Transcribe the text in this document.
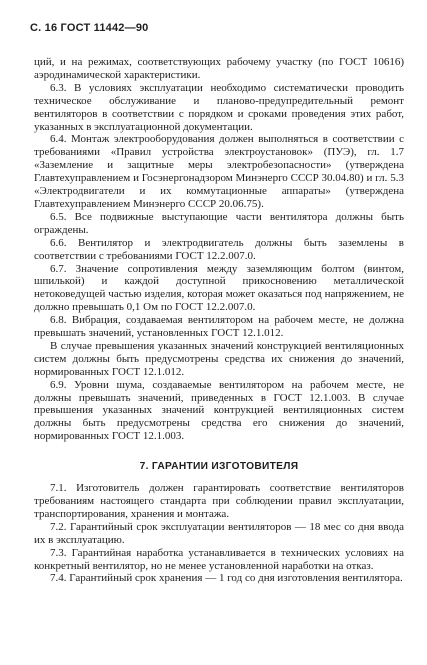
С. 16 ГОСТ 11442—90

ций, и на режимах, соответствующих рабочему участку (по ГОСТ 10616) аэродинамической характеристики.

6.3. В условиях эксплуатации необходимо систематически проводить техническое обслуживание и планово-предупредительный ремонт вентиляторов в соответствии с порядком и сроками проведения этих работ, указанных в эксплуатационной документации.

6.4. Монтаж электрооборудования должен выполняться в соответствии с требованиями «Правил устройства электроустановок» (ПУЭ), гл. 1.7 «Заземление и защитные меры электробезопасности» (утверждена Главтехуправлением и Госэнергонадзором Минэнерго СССР 30.04.80) и гл. 5.3 «Электродвигатели и их коммутационные аппараты» (утверждена Главтехуправлением Минэнерго СССР 20.06.75).

6.5. Все подвижные выступающие части вентилятора должны быть ограждены.

6.6. Вентилятор и электродвигатель должны быть заземлены в соответствии с требованиями ГОСТ 12.2.007.0.

6.7. Значение сопротивления между заземляющим болтом (винтом, шпилькой) и каждой доступной прикосновению металлической нетоковедущей частью изделия, которая может оказаться под напряжением, не должно превышать 0,1 Ом по ГОСТ 12.2.007.0.

6.8. Вибрация, создаваемая вентилятором на рабочем месте, не должна превышать значений, установленных ГОСТ 12.1.012.

В случае превышения указанных значений конструкцией вентиляционных систем должны быть предусмотрены средства их снижения до значений, нормированных ГОСТ 12.1.012.

6.9. Уровни шума, создаваемые вентилятором на рабочем месте, не должны превышать значений, приведенных в ГОСТ 12.1.003. В случае превышения указанных значений контрукцией вентиляционных систем должны быть предусмотрены средства его снижения до значений, нормированных ГОСТ 12.1.003.

7. ГАРАНТИИ ИЗГОТОВИТЕЛЯ

7.1. Изготовитель должен гарантировать соответствие вентиляторов требованиям настоящего стандарта при соблюдении правил эксплуатации, транспортирования, хранения и монтажа.

7.2. Гарантийный срок эксплуатации вентиляторов — 18 мес со дня ввода их в эксплуатацию.

7.3. Гарантийная наработка устанавливается в технических условиях на конкретный вентилятор, но не менее установленной наработки на отказ.

7.4. Гарантийный срок хранения — 1 год со дня изготовления вентилятора.
